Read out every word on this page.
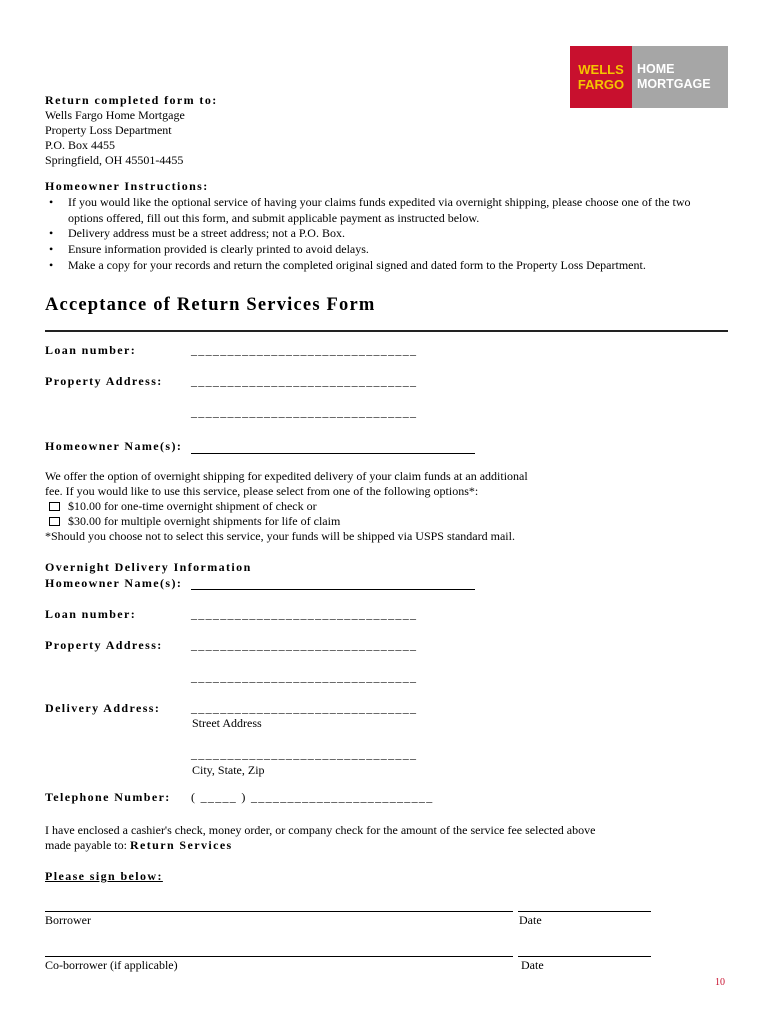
WELLS
FARGO
HOME
MORTGAGE
Return completed form to:
Wells Fargo Home Mortgage
Property Loss Department
P.O. Box 4455
Springfield, OH 45501-4455
Homeowner Instructions:
• If you would like the optional service of having your claims funds expedited via overnight shipping, please choose one of the two options offered, fill out this form, and submit applicable payment as instructed below.
• Delivery address must be a street address; not a P.O. Box.
• Ensure information provided is clearly printed to avoid delays.
• Make a copy for your records and return the completed original signed and dated form to the Property Loss Department.
Acceptance of Return Services Form
Loan number:	_______________________________
Property Address: _______________________________
_______________________________
Homeowner Name(s):
We offer the option of overnight shipping for expedited delivery of your claim funds at an additional
fee. If you would like to use this service, please select from one of the following options*:
$10.00 for one-time overnight shipment of check or
$30.00 for multiple overnight shipments for life of claim
*Should you choose not to select this service, your funds will be shipped via USPS standard mail.
Overnight Delivery Information
Homeowner Name(s):
Loan number:	_______________________________
Property Address: _______________________________
_______________________________
Delivery Address:	_______________________________
Street Address
_______________________________
City, State, Zip
Telephone Number: ( _____ ) _________________________
I have enclosed a cashier's check, money order, or company check for the amount of the service fee selected above
made payable to: Return Services
Please sign below:
Borrower	Date
Co-borrower (if applicable)	Date
10
